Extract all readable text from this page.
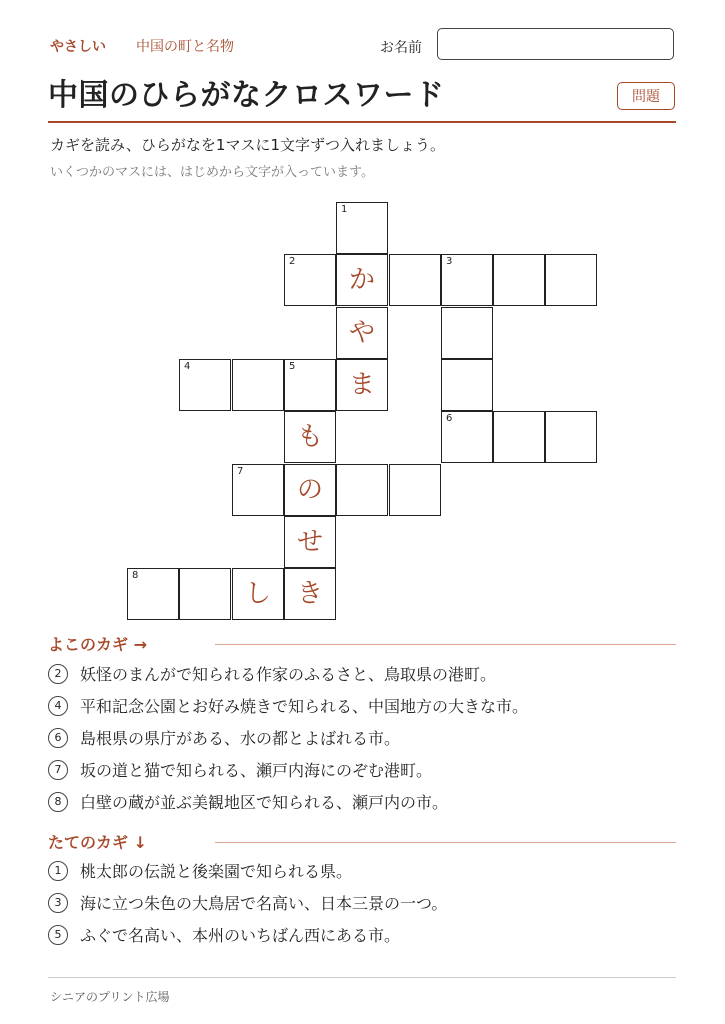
やさしい 中国の町と名物	お名前
中国のひらがなクロスワード	問題
カギを読み、ひらがなを1マスに1文字ずつ入れましょう。
いくつかのマスには、はじめから文字が入っています。
1
2
か
3
や
4	5
ま
も
6
7
の
せ
8
し き
よこのカギ →
2	妖怪のまんがで知られる作家のふるさと、鳥取県の港町。
4	平和記念公園とお好み焼きで知られる、中国地方の大きな市。
6	島根県の県庁がある、水の都とよばれる市。
7	坂の道と猫で知られる、瀬戸内海にのぞむ港町。
8	白壁の蔵が並ぶ美観地区で知られる、瀬戸内の市。
たてのカギ ↓
1	桃太郎の伝説と後楽園で知られる県。
3	海に立つ朱色の大鳥居で名高い、日本三景の一つ。
5	ふぐで名高い、本州のいちばん西にある市。
シニアのプリント広場
